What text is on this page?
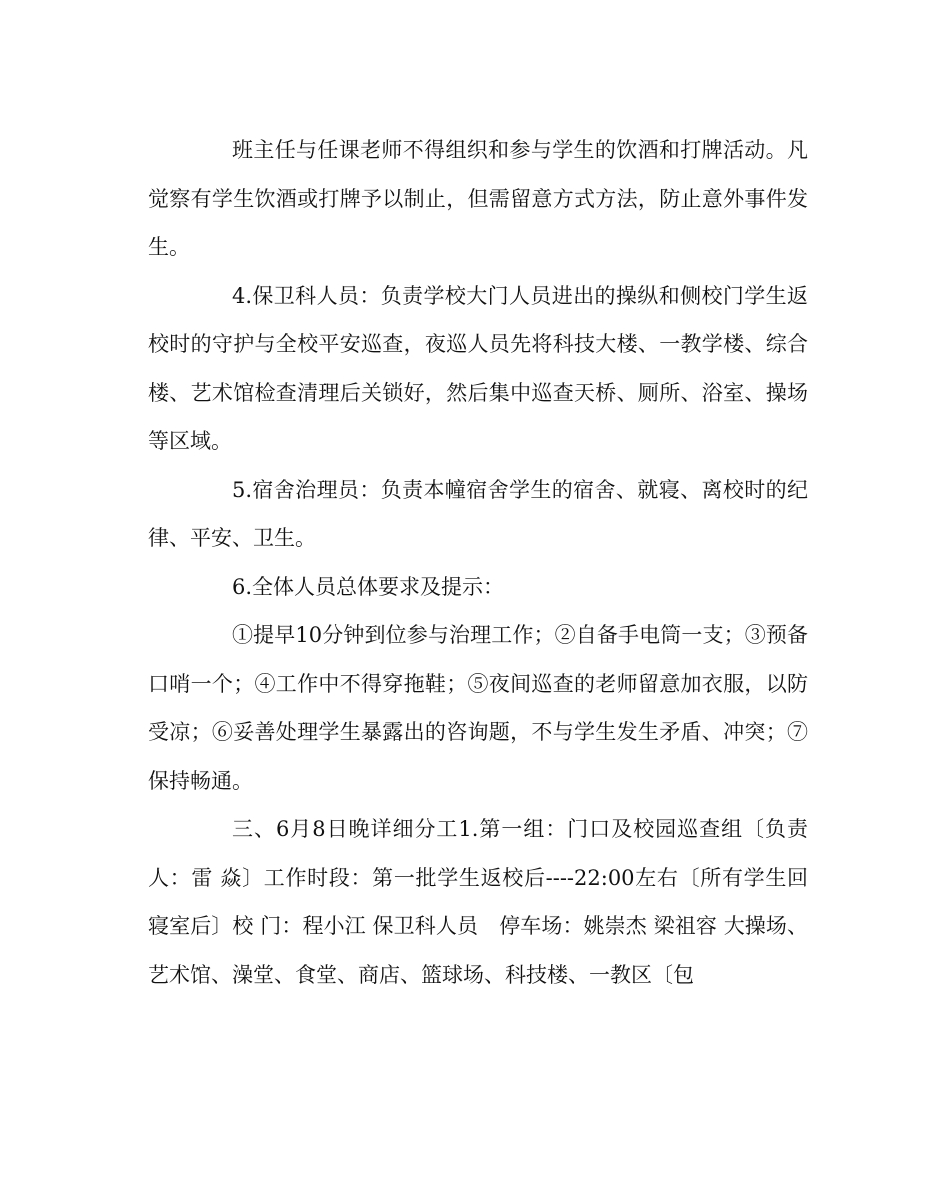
班主任与任课老师不得组织和参与学生的饮酒和打牌活动。凡觉察有学生饮酒或打牌予以制止，但需留意方式方法，防止意外事件发生。

4.保卫科人员：负责学校大门人员进出的操纵和侧校门学生返校时的守护与全校平安巡查，夜巡人员先将科技大楼、一教学楼、综合楼、艺术馆检查清理后关锁好，然后集中巡查天桥、厕所、浴室、操场等区域。

5.宿舍治理员：负责本幢宿舍学生的宿舍、就寝、离校时的纪律、平安、卫生。

6.全体人员总体要求及提示：

①提早10分钟到位参与治理工作；②自备手电筒一支；③预备口哨一个；④工作中不得穿拖鞋；⑤夜间巡查的老师留意加衣服，以防受凉；⑥妥善处理学生暴露出的咨询题，不与学生发生矛盾、冲突；⑦保持畅通。

三、6月8日晚详细分工1.第一组：门口及校园巡查组〔负责人：雷 焱〕工作时段：第一批学生返校后----22:00左右〔所有学生回寝室后〕校 门：程小江 保卫科人员　停车场：姚崇杰 梁祖容 大操场、艺术馆、澡堂、食堂、商店、篮球场、科技楼、一教区〔包
